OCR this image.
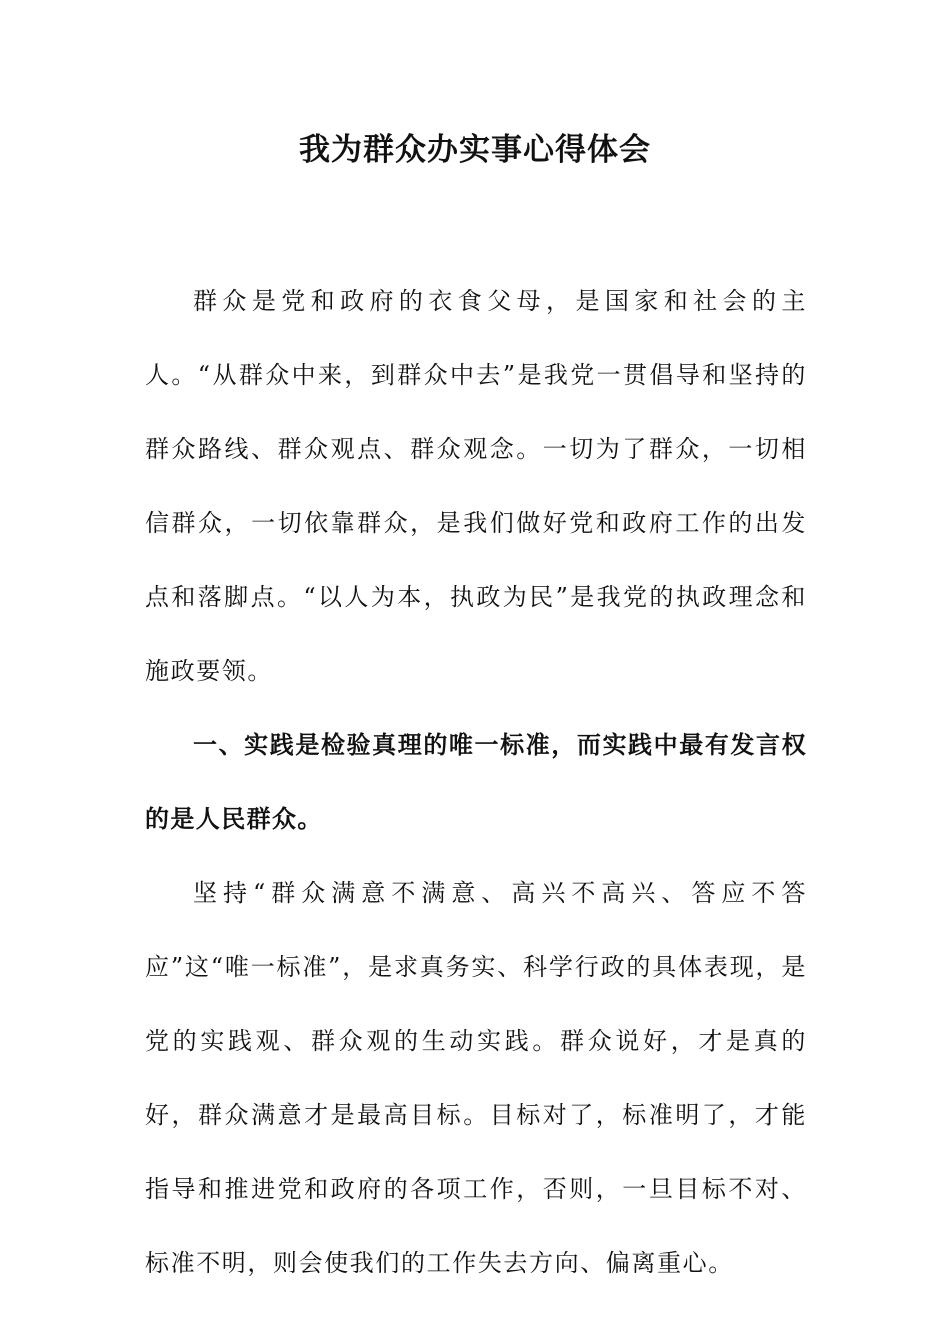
我为群众办实事心得体会

群众是党和政府的衣食父母，是国家和社会的主人。“从群众中来，到群众中去”是我党一贯倡导和坚持的群众路线、群众观点、群众观念。一切为了群众，一切相信群众，一切依靠群众，是我们做好党和政府工作的出发点和落脚点。“以人为本，执政为民”是我党的执政理念和施政要领。

一、实践是检验真理的唯一标准，而实践中最有发言权的是人民群众。

坚持“群众满意不满意、高兴不高兴、答应不答应”这“唯一标准”，是求真务实、科学行政的具体表现，是党的实践观、群众观的生动实践。群众说好，才是真的好，群众满意才是最高目标。目标对了，标准明了，才能指导和推进党和政府的各项工作，否则，一旦目标不对、标准不明，则会使我们的工作失去方向、偏离重心。
